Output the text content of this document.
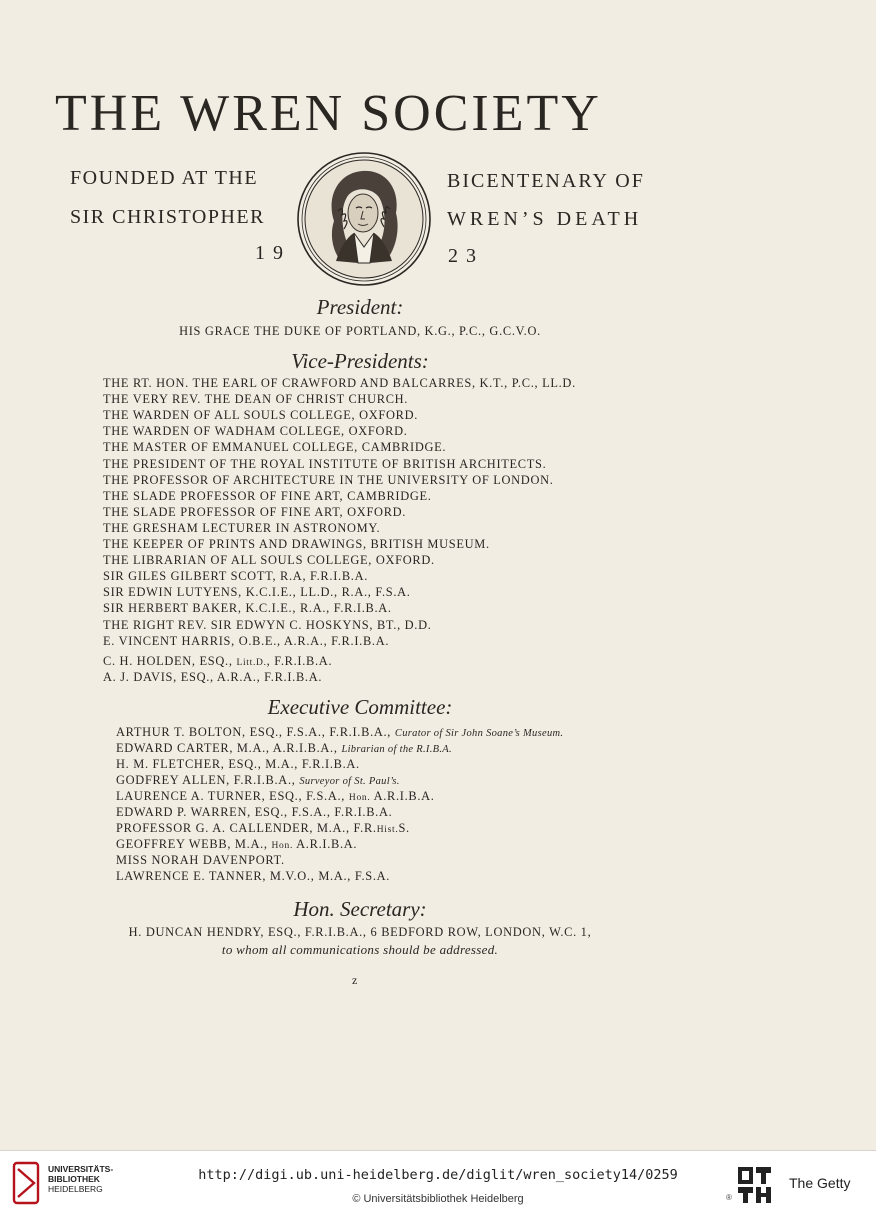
THE WREN SOCIETY
FOUNDED AT THE
SIR CHRISTOPHER
BICENTENARY OF
WREN’S DEATH
19	23
President:
HIS GRACE THE DUKE OF PORTLAND, K.G., P.C., G.C.V.O.
Vice-Presidents:
THE RT. HON. THE EARL OF CRAWFORD AND BALCARRES, K.T., P.C., LL.D.
THE VERY REV. THE DEAN OF CHRIST CHURCH.
THE WARDEN OF ALL SOULS COLLEGE, OXFORD.
THE WARDEN OF WADHAM COLLEGE, OXFORD.
THE MASTER OF EMMANUEL COLLEGE, CAMBRIDGE.
THE PRESIDENT OF THE ROYAL INSTITUTE OF BRITISH ARCHITECTS.
THE PROFESSOR OF ARCHITECTURE IN THE UNIVERSITY OF LONDON.
THE SLADE PROFESSOR OF FINE ART, CAMBRIDGE.
THE SLADE PROFESSOR OF FINE ART, OXFORD.
THE GRESHAM LECTURER IN ASTRONOMY.
THE KEEPER OF PRINTS AND DRAWINGS, BRITISH MUSEUM.
THE LIBRARIAN OF ALL SOULS COLLEGE, OXFORD.
SIR GILES GILBERT SCOTT, R.A, F.R.I.B.A.
SIR EDWIN LUTYENS, K.C.I.E., LL.D., R.A., F.S.A.
SIR HERBERT BAKER, K.C.I.E., R.A., F.R.I.B.A.
THE RIGHT REV. SIR EDWYN C. HOSKYNS, BT., D.D.
E. VINCENT HARRIS, O.B.E., A.R.A., F.R.I.B.A.
C. H. HOLDEN, ESQ., Litt.D., F.R.I.B.A.
A. J. DAVIS, ESQ., A.R.A., F.R.I.B.A.
Executive Committee:
ARTHUR T. BOLTON, ESQ., F.S.A., F.R.I.B.A., Curator of Sir John Soane’s Museum.
EDWARD CARTER, M.A., A.R.I.B.A., Librarian of the R.I.B.A.
H. M. FLETCHER, ESQ., M.A., F.R.I.B.A.
GODFREY ALLEN, F.R.I.B.A., Surveyor of St. Paul’s.
LAURENCE A. TURNER, ESQ., F.S.A., Hon. A.R.I.B.A.
EDWARD P. WARREN, ESQ., F.S.A., F.R.I.B.A.
PROFESSOR G. A. CALLENDER, M.A., F.R.Hist.S.
GEOFFREY WEBB, M.A., Hon. A.R.I.B.A.
MISS NORAH DAVENPORT.
LAWRENCE E. TANNER, M.V.O., M.A., F.S.A.
Hon. Secretary:
H. DUNCAN HENDRY, ESQ., F.R.I.B.A., 6 BEDFORD ROW, LONDON, W.C. 1,
to whom all communications should be addressed.
z
UNIVERSITÄTS-
BIBLIOTHEK
HEIDELBERG
http://digi.ub.uni-heidelberg.de/diglit/wren_society14/0259
© Universitätsbibliothek Heidelberg	®
The Getty
